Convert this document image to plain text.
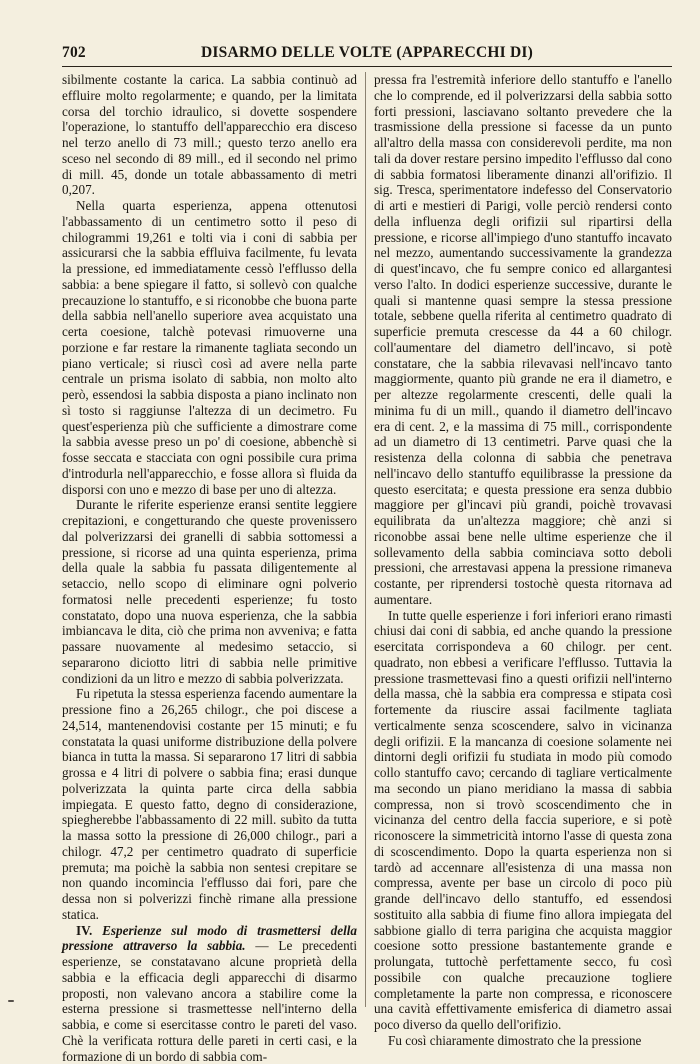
702	DISARMO DELLE VOLTE (APPARECCHI DI)

sibilmente costante la carica. La sabbia continuò ad effluire molto regolarmente; e quando, per la limitata corsa del torchio idraulico, si dovette sospendere l'operazione, lo stantuffo dell'apparecchio era disceso nel terzo anello di 73 mill.; questo terzo anello era sceso nel secondo di 89 mill., ed il secondo nel primo di mill. 45, donde un totale abbassamento di metri 0,207.

Nella quarta esperienza, appena ottenutosi l'abbassamento di un centimetro sotto il peso di chilogrammi 19,261 e tolti via i coni di sabbia per assicurarsi che la sabbia effluiva facilmente, fu levata la pressione, ed immediatamente cessò l'efflusso della sabbia: a bene spiegare il fatto, si sollevò con qualche precauzione lo stantuffo, e si riconobbe che buona parte della sabbia nell'anello superiore avea acquistato una certa coesione, talchè potevasi rimuoverne una porzione e far restare la rimanente tagliata secondo un piano verticale; si riuscì così ad avere nella parte centrale un prisma isolato di sabbia, non molto alto però, essendosi la sabbia disposta a piano inclinato non sì tosto si raggiunse l'altezza di un decimetro. Fu quest'esperienza più che sufficiente a dimostrare come la sabbia avesse preso un po' di coesione, abbenchè si fosse seccata e stacciata con ogni possibile cura prima d'introdurla nell'apparecchio, e fosse allora sì fluida da disporsi con uno e mezzo di base per uno di altezza.

Durante le riferite esperienze eransi sentite leggiere crepitazioni, e congetturando che queste provenissero dal polverizzarsi dei granelli di sabbia sottomessi a pressione, si ricorse ad una quinta esperienza, prima della quale la sabbia fu passata diligentemente al setaccio, nello scopo di eliminare ogni polverio formatosi nelle precedenti esperienze; fu tosto constatato, dopo una nuova esperienza, che la sabbia imbiancava le dita, ciò che prima non avveniva; e fatta passare nuovamente al medesimo setaccio, si separarono diciotto litri di sabbia nelle primitive condizioni da un litro e mezzo di sabbia polverizzata.

Fu ripetuta la stessa esperienza facendo aumentare la pressione fino a 26,265 chilogr., che poi discese a 24,514, mantenendovisi costante per 15 minuti; e fu constatata la quasi uniforme distribuzione della polvere bianca in tutta la massa. Si separarono 17 litri di sabbia grossa e 4 litri di polvere o sabbia fina; erasi dunque polverizzata la quinta parte circa della sabbia impiegata. E questo fatto, degno di considerazione, spiegherebbe l'abbassamento di 22 mill. subìto da tutta la massa sotto la pressione di 26,000 chilogr., pari a chilogr. 47,2 per centimetro quadrato di superficie premuta; ma poichè la sabbia non sentesi crepitare se non quando incomincia l'efflusso dai fori, pare che dessa non si polverizzi finchè rimane alla pressione statica.

IV. Esperienze sul modo di trasmettersi della pressione attraverso la sabbia. — Le precedenti esperienze, se constatavano alcune proprietà della sabbia e la efficacia degli apparecchi di disarmo proposti, non valevano ancora a stabilire come la esterna pressione si trasmettesse nell'interno della sabbia, e come si esercitasse contro le pareti del vaso. Chè la verificata rottura delle pareti in certi casi, e la formazione di un bordo di sabbia com-

pressa fra l'estremità inferiore dello stantuffo e l'anello che lo comprende, ed il polverizzarsi della sabbia sotto forti pressioni, lasciavano soltanto prevedere che la trasmissione della pressione si facesse da un punto all'altro della massa con considerevoli perdite, ma non tali da dover restare persino impedito l'efflusso dal cono di sabbia formatosi liberamente dinanzi all'orifizio. Il sig. Tresca, sperimentatore indefesso del Conservatorio di arti e mestieri di Parigi, volle perciò rendersi conto della influenza degli orifizii sul ripartirsi della pressione, e ricorse all'impiego d'uno stantuffo incavato nel mezzo, aumentando successivamente la grandezza di quest'incavo, che fu sempre conico ed allargantesi verso l'alto. In dodici esperienze successive, durante le quali si mantenne quasi sempre la stessa pressione totale, sebbene quella riferita al centimetro quadrato di superficie premuta crescesse da 44 a 60 chilogr. coll'aumentare del diametro dell'incavo, si potè constatare, che la sabbia rilevavasi nell'incavo tanto maggiormente, quanto più grande ne era il diametro, e per altezze regolarmente crescenti, delle quali la minima fu di un mill., quando il diametro dell'incavo era di cent. 2, e la massima di 75 mill., corrispondente ad un diametro di 13 centimetri. Parve quasi che la resistenza della colonna di sabbia che penetrava nell'incavo dello stantuffo equilibrasse la pressione da questo esercitata; e questa pressione era senza dubbio maggiore per gl'incavi più grandi, poichè trovavasi equilibrata da un'altezza maggiore; chè anzi si riconobbe assai bene nelle ultime esperienze che il sollevamento della sabbia cominciava sotto deboli pressioni, che arrestavasi appena la pressione rimaneva costante, per riprendersi tostochè questa ritornava ad aumentare.

In tutte quelle esperienze i fori inferiori erano rimasti chiusi dai coni di sabbia, ed anche quando la pressione esercitata corrispondeva a 60 chilogr. per cent. quadrato, non ebbesi a verificare l'efflusso. Tuttavia la pressione trasmettevasi fino a questi orifizii nell'interno della massa, chè la sabbia era compressa e stipata così fortemente da riuscire assai facilmente tagliata verticalmente senza scoscendere, salvo in vicinanza degli orifizii. E la mancanza di coesione solamente nei dintorni degli orifizii fu studiata in modo più comodo collo stantuffo cavo; cercando di tagliare verticalmente ma secondo un piano meridiano la massa di sabbia compressa, non si trovò scoscendimento che in vicinanza del centro della faccia superiore, e si potè riconoscere la simmetricità intorno l'asse di questa zona di scoscendimento. Dopo la quarta esperienza non si tardò ad accennare all'esistenza di una massa non compressa, avente per base un circolo di poco più grande dell'incavo dello stantuffo, ed essendosi sostituito alla sabbia di fiume fino allora impiegata del sabbione giallo di terra parigina che acquista maggior coesione sotto pressione bastantemente grande e prolungata, tuttochè perfettamente secco, fu così possibile con qualche precauzione togliere completamente la parte non compressa, e riconoscere una cavità effettivamente emisferica di diametro assai poco diverso da quello dell'orifizio.

Fu così chiaramente dimostrato che la pressione
